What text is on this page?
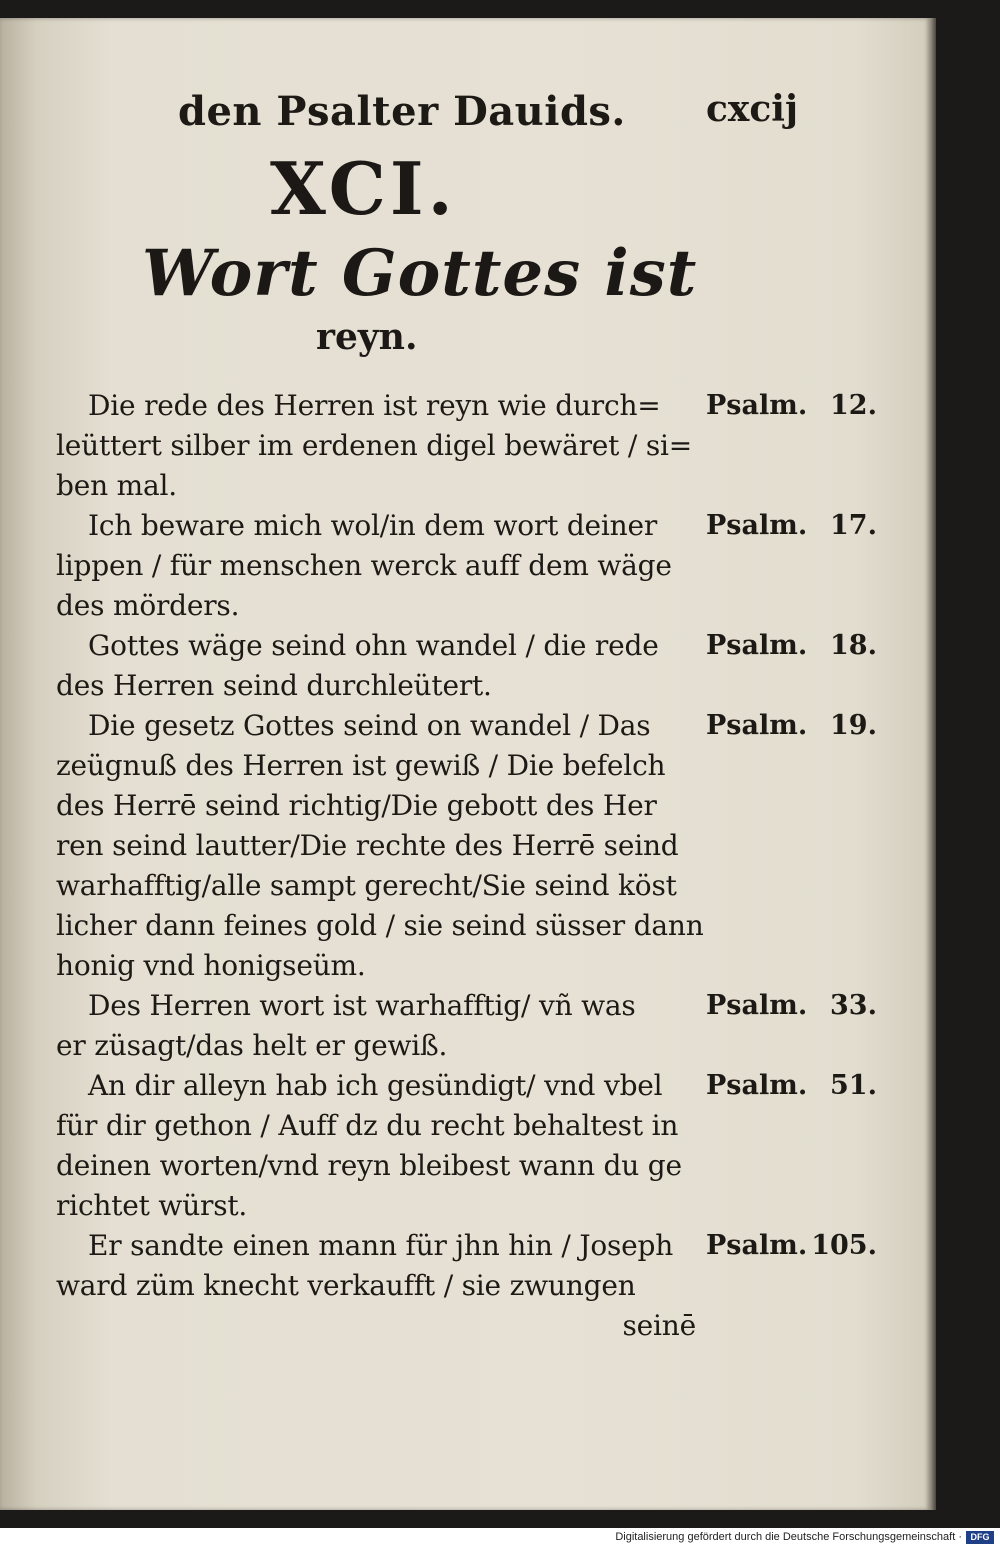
den Psalter Dauids. cxcij
XCI.
Wort Gottes ist
reyn.
Die rede des Herren ist reyn wie durch=
leüttert silber im erdenen digel bewäret / si=
ben mal.
Ich beware mich wol/in dem wort deiner
lippen / für menschen werck auff dem wäge
des mörders.
Gottes wäge seind ohn wandel / die rede
des Herren seind durchleütert.
Die gesetz Gottes seind on wandel / Das
zeügnuß des Herren ist gewiß / Die befelch
des Herrē seind richtig/Die gebott des Her
ren seind lautter/Die rechte des Herrē seind
warhafftig/alle sampt gerecht/Sie seind köst
licher dann feines gold / sie seind süsser dann
honig vnd honigseüm.
Des Herren wort ist warhafftig/ vñ was
er züsagt/das helt er gewiß.
An dir alleyn hab ich gesündigt/ vnd vbel
für dir gethon / Auff dz du recht behaltest in
deinen worten/vnd reyn bleibest wann du ge
richtet würst.
Er sandte einen mann für jhn hin / Joseph
ward züm knecht verkaufft / sie zwungen
seinē
Psalm. 12.
Psalm. 17.
Psalm. 18.
Psalm. 19.
Psalm. 33.
Psalm. 51.
Psalm. 105.
Digitalisierung gefördert durch die Deutsche Forschungsgemeinschaft · DFG
